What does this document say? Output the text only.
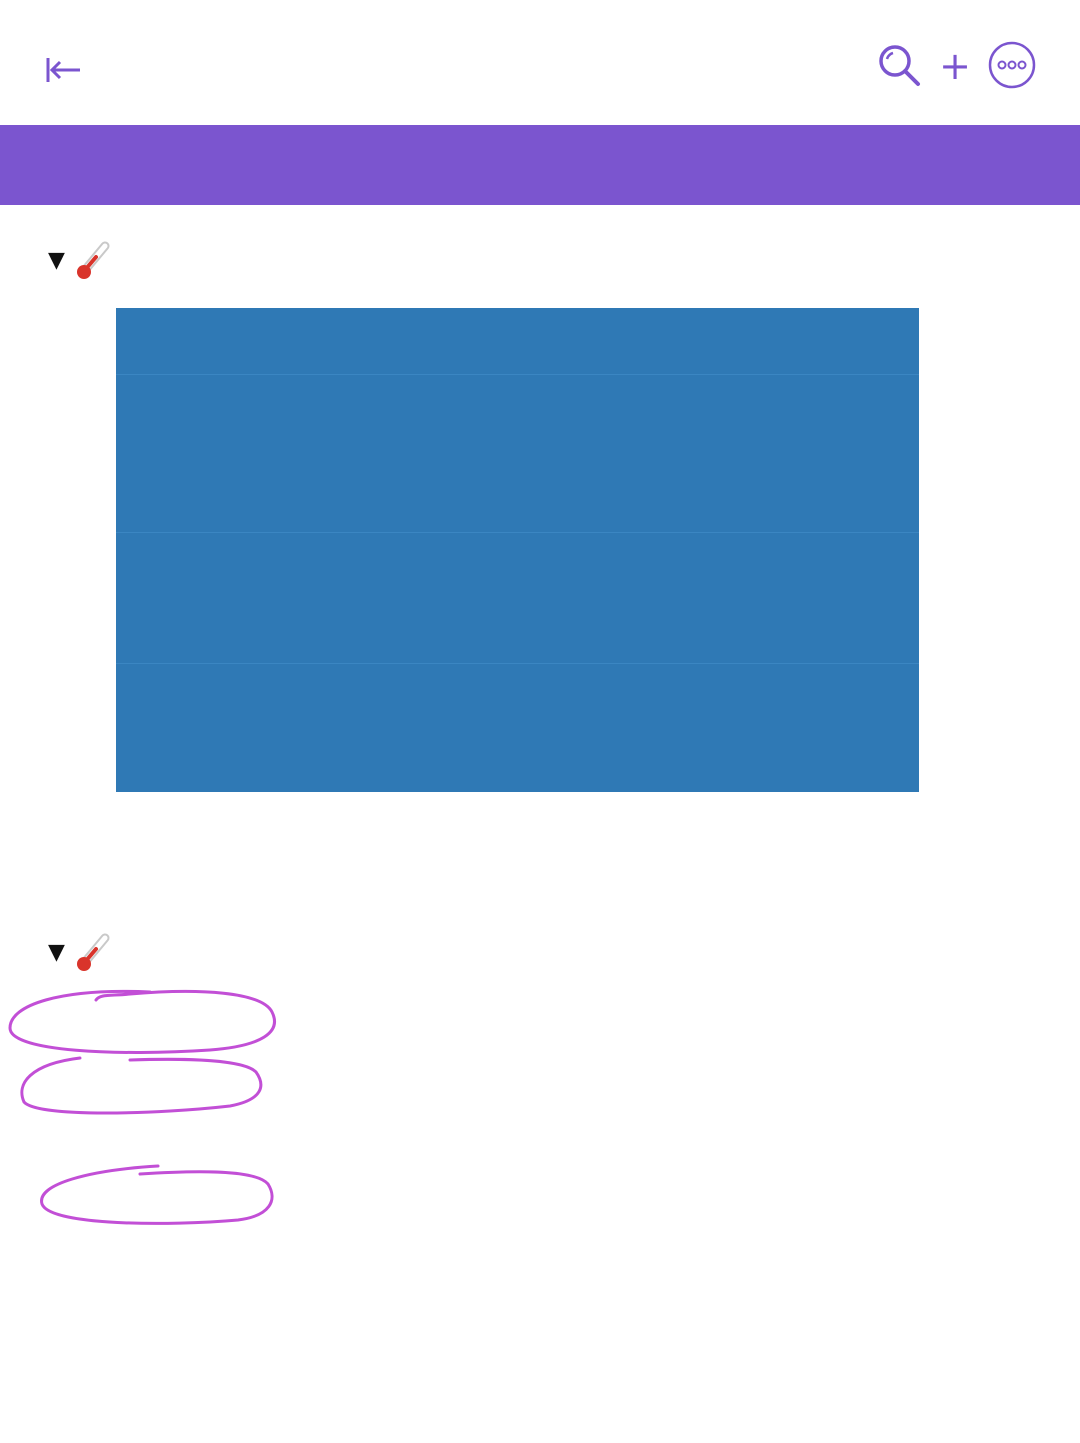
+
▼
▼
